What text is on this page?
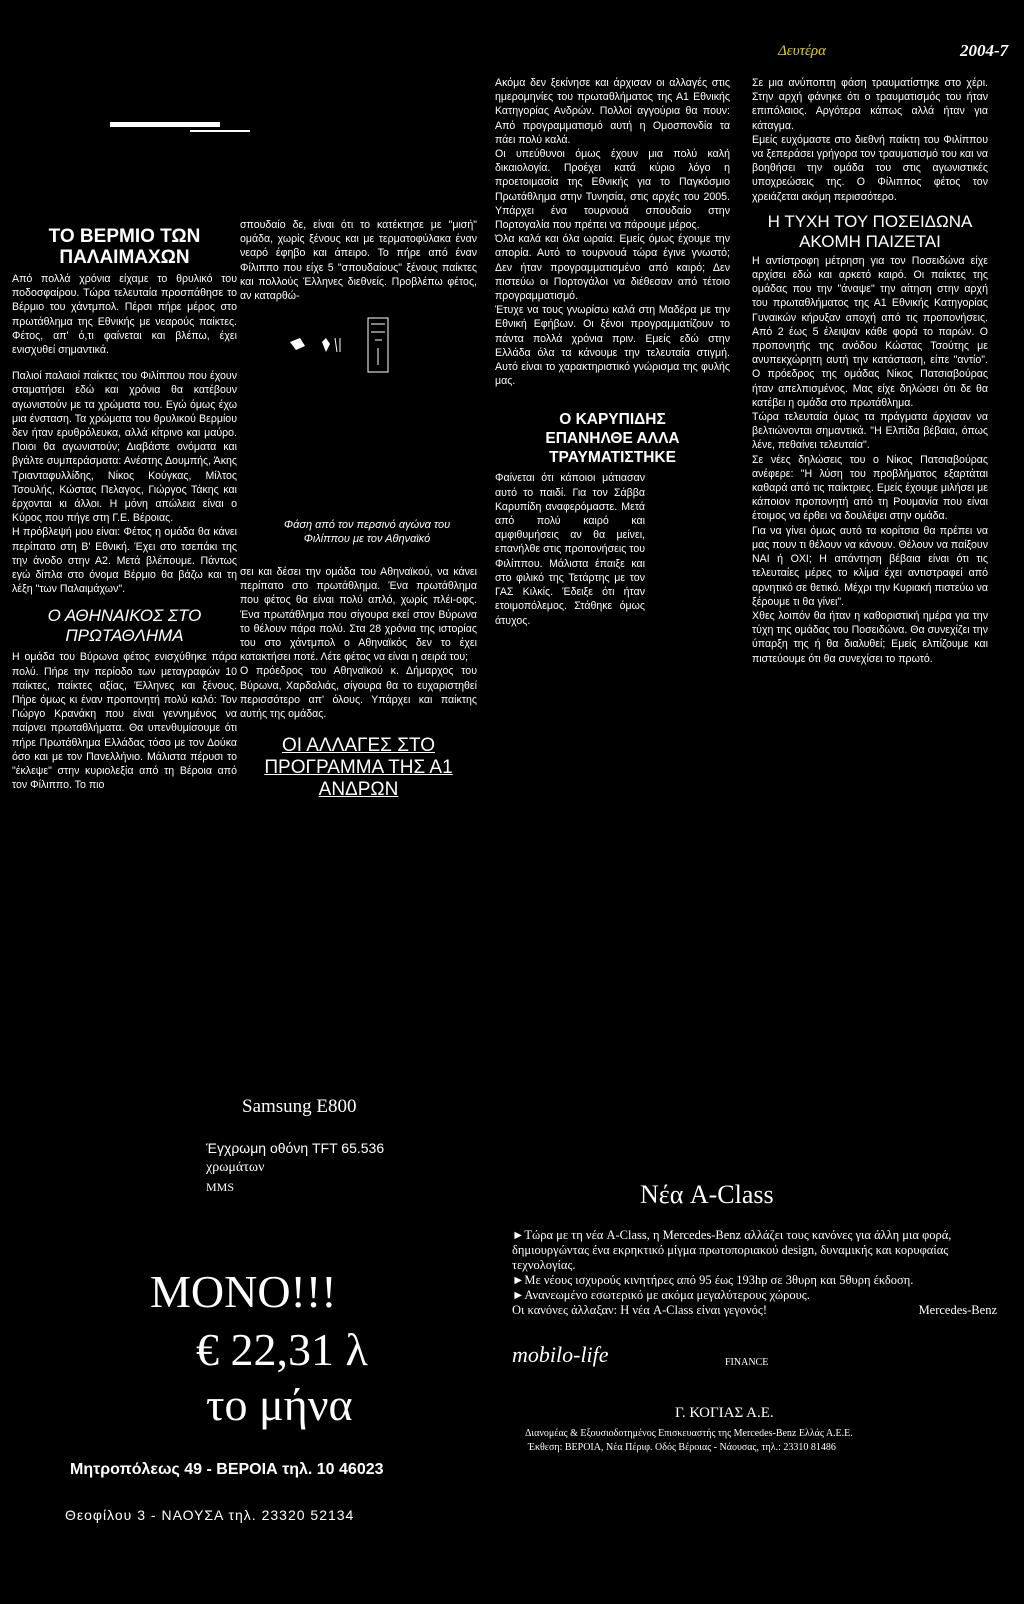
Δευτέρα	2004-7
ΤΟ ΒΕΡΜΙΟ ΤΩΝ ΠΑΛΑΙΜΑΧΩΝ

Από πολλά χρόνια είχαμε το θρυλικό του ποδοσφαίρου. Τώρα τελευταία προσπάθησε το Βέρμιο του χάντμπολ. Πέρσι πήρε μέρος στο πρωτάθλημα της Εθνικής με νεαρούς παίκτες. Φέτος, απ' ό,τι φαίνεται και βλέπω, έχει ενισχυθεί σημαντικά.

Παλιοί παλαιοί παίκτες του Φιλίππου που έχουν σταματήσει εδώ και χρόνια θα κατέβουν αγωνιστούν με τα χρώματα του. Εγώ όμως έχω μια ένσταση. Τα χρώματα του θρυλικού Βερμίου δεν ήταν ερυθρόλευκα, αλλά κίτρινο και μαύρο. Ποιοι θα αγωνιστούν; Διαβάστε ονόματα και βγάλτε συμπεράσματα: Ανέστης Δουμπής, Άκης Τριανταφυλλίδης, Νίκος Κούγκας, Μίλτος Τσουλής, Κώστας Πελαγος, Γιώργος Τάκης και έρχονται κι άλλοι. Η μόνη απώλεια είναι ο Κύρος που πήγε στη Γ.Ε. Βέροιας.

Η πρόβλεψή μου είναι: Φέτος η ομάδα θα κάνει περίπατο στη Β' Εθνική. Έχει στο τσεπάκι της την άνοδο στην Α2. Μετά βλέπουμε. Πάντως εγώ δίπλα στο όνομα Βέρμιο θα βάζω και τη λέξη "των Παλαιμάχων".

Ο ΑΘΗΝΑΙΚΟΣ ΣΤΟ ΠΡΩΤΑΘΛΗΜΑ

Η ομάδα του Βύρωνα φέτος ενισχύθηκε πάρα πολύ. Πήρε την περίοδο των μεταγραφών 10 παίκτες, παίκτες αξίας, Έλληνες και ξένους. Πήρε όμως κι έναν προπονητή πολύ καλό: Τον Γιώργο Κρανάκη που είναι γεννημένος να παίρνει πρωταθλήματα. Θα υπενθυμίσουμε ότι πήρε Πρωτάθλημα Ελλάδας τόσο με τον Δούκα όσο και με τον Πανελλήνιο. Μάλιστα πέρυσι το "έκλεψε" στην κυριολεξία από τη Βέροια από τον Φίλιππο. Το πιο

σπουδαίο δε, είναι ότι το κατέκτησε με "μισή" ομάδα, χωρίς ξένους και με τερματοφύλακα έναν νεαρό έφηβο και άπειρο. Το πήρε από έναν Φίλιππο που είχε 5 "σπουδαίους" ξένους παίκτες και πολλούς Έλληνες διεθνείς. Προβλέπω φέτος, αν καταρθώ-

Φάση από τον περσινό αγώνα του Φιλίππου με τον Αθηναϊκό

σει και δέσει την ομάδα του Αθηναϊκού, να κάνει περίπατο στο πρωτάθλημα. Ένα πρωτάθλημα που φέτος θα είναι πολύ απλό, χωρίς πλέι-οφς. Ένα πρωτάθλημα που σίγουρα εκεί στον Βύρωνα το θέλουν πάρα πολύ. Στα 28 χρόνια της ιστορίας του στο χάντμπολ ο Αθηναϊκός δεν το έχει κατακτήσει ποτέ. Λέτε φέτος να είναι η σειρά του;

Ο πρόεδρος του Αθηναϊκού κ. Δήμαρχος του Βύρωνα, Χαρδαλιάς, σίγουρα θα το ευχαριστηθεί περισσότερο απ' όλους. Υπάρχει και παίκτης αυτής της ομάδας.

ΟΙ ΑΛΛΑΓΕΣ ΣΤΟ ΠΡΟΓΡΑΜΜΑ ΤΗΣ Α1 ΑΝΔΡΩΝ

Ακόμα δεν ξεκίνησε και άρχισαν οι αλλαγές στις ημερομηνίες του πρωταθλήματος της Α1 Εθνικής Κατηγορίας Ανδρών. Πολλοί αγγούρια θα πουν: Από προγραμματισμό αυτή η Ομοσπονδία τα πάει πολύ καλά.

Οι υπεύθυνοι όμως έχουν μια πολύ καλή δικαιολογία. Προέχει κατά κύριο λόγο η προετοιμασία της Εθνικής για το Παγκόσμιο Πρωτάθλημα στην Τυνησία, στις αρχές του 2005. Υπάρχει ένα τουρνουά σπουδαίο στην Πορτογαλία που πρέπει να πάρουμε μέρος.

Όλα καλά και όλα ωραία. Εμείς όμως έχουμε την απορία. Αυτό το τουρνουά τώρα έγινε γνωστό; Δεν ήταν προγραμματισμένο από καιρό; Δεν πιστεύω οι Πορτογάλοι να διέθεσαν από τέτοιο προγραμματισμό.

Έτυχε να τους γνωρίσω καλά στη Μαδέρα με την Εθνική Εφήβων. Οι ξένοι προγραμματίζουν το πάντα πολλά χρόνια πριν. Εμείς εδώ στην Ελλάδα όλα τα κάνουμε την τελευταία στιγμή. Αυτό είναι το χαρακτηριστικό γνώρισμα της φυλής μας.

Ο ΚΑΡΥΠΙΔΗΣ ΕΠΑΝΗΛΘΕ ΑΛΛΑ ΤΡΑΥΜΑΤΙΣΤΗΚΕ

Φαίνεται ότι κάποιοι μάτιασαν αυτό το παιδί. Για τον Σάββα Καρυπίδη αναφερόμαστε. Μετά από πολύ καιρό και αμφιθυμήσεις αν θα μείνει, επανήλθε στις προπονήσεις του Φιλίππου. Μάλιστα έπαιξε και στο φιλικό της Τετάρτης με τον ΓΑΣ Κιλκίς. Έδειξε ότι ήταν ετοιμοπόλεμος. Στάθηκε όμως άτυχος.

Σε μια ανύποπτη φάση τραυματίστηκε στο χέρι. Στην αρχή φάνηκε ότι ο τραυματισμός του ήταν επιπόλαιος. Αργότερα κάπως αλλά ήταν για κάταγμα.

Εμείς ευχόμαστε στο διεθνή παίκτη του Φιλίππου να ξεπεράσει γρήγορα τον τραυματισμό του και να βοηθήσει την ομάδα του στις αγωνιστικές υποχρεώσεις της. Ο Φίλιππος φέτος τον χρειάζεται ακόμη περισσότερο.

Η ΤΥΧΗ ΤΟΥ ΠΟΣΕΙΔΩΝΑ ΑΚΟΜΗ ΠΑΙΖΕΤΑΙ

Η αντίστροφη μέτρηση για τον Ποσειδώνα είχε αρχίσει εδώ και αρκετό καιρό. Οι παίκτες της ομάδας που την "άναψε" την αίτηση στην αρχή του πρωταθλήματος της Α1 Εθνικής Κατηγορίας Γυναικών κήρυξαν αποχή από τις προπονήσεις. Από 2 έως 5 έλειψαν κάθε φορά το παρών. Ο προπονητής της ανόδου Κώστας Τσούτης με ανυπεκχώρητη αυτή την κατάσταση, είπε "αντίο". Ο πρόεδρος της ομάδας Νίκος Πατσιαβούρας ήταν απελπισμένος. Μας είχε δηλώσει ότι δε θα κατέβει η ομάδα στο πρωτάθλημα.

Τώρα τελευταία όμως τα πράγματα άρχισαν να βελτιώνονται σημαντικά. "Η Ελπίδα βέβαια, όπως λένε, πεθαίνει τελευταία".

Σε νέες δηλώσεις του ο Νίκος Πατσιαβούρας ανέφερε: "Η λύση του προβλήματος εξαρτάται καθαρά από τις παίκτριες. Εμείς έχουμε μιλήσει με κάποιον προπονητή από τη Ρουμανία που είναι έτοιμος να έρθει να δουλέψει στην ομάδα.

Για να γίνει όμως αυτό τα κορίτσια θα πρέπει να μας πουν τι θέλουν να κάνουν. Θέλουν να παίξουν ΝΑΙ ή ΟΧΙ; Η απάντηση βέβαια είναι ότι τις τελευταίες μέρες το κλίμα έχει αντιστραφεί από αρνητικό σε θετικό. Μέχρι την Κυριακή πιστεύω να ξέρουμε τι θα γίνει".

Χθες λοιπόν θα ήταν η καθοριστική ημέρα για την τύχη της ομάδας του Ποσειδώνα. Θα συνεχίζει την ύπαρξη της ή θα διαλυθεί; Εμείς ελπίζουμε και πιστεύουμε ότι θα συνεχίσει το πρωτό.

Samsung E800
Έγχρωμη οθόνη TFT 65.536
χρωμάτων
MMS
ΜΟΝΟ!!!
€ 22,31 λ
το μήνα
Μητροπόλεως 49 - ΒΕΡΟΙΑ τηλ. 10 46023
Θεοφίλου 3 - ΝΑΟΥΣΑ τηλ. 23320 52134
Νέα A-Class
► Τώρα με τη νέα A-Class, η Mercedes-Benz αλλάζει τους κανόνες για άλλη μια φορά, δημιουργώντας ένα εκρηκτικό μίγμα πρωτοποριακού design, δυναμικής και κορυφαίας τεχνολογίας.
► Με νέους ισχυρούς κινητήρες από 95 έως 193hp σε 3θυρη και 5θυρη έκδοση.
► Ανανεωμένο εσωτερικό με ακόμα μεγαλύτερους χώρους.
Οι κανόνες άλλαξαν: Η νέα A-Class είναι γεγονός!	Mercedes-Benz
mobilo-life	FINANCE
Γ. ΚΟΓΙΑΣ Α.Ε.
Διανομέας & Εξουσιοδοτημένος Επισκευαστής της Mercedes-Benz Ελλάς Α.Ε.Ε.
Έκθεση: ΒΕΡΟΙΑ, Νέα Πέριφ. Οδός Βέροιας - Νάουσας, τηλ.: 23310 81486
